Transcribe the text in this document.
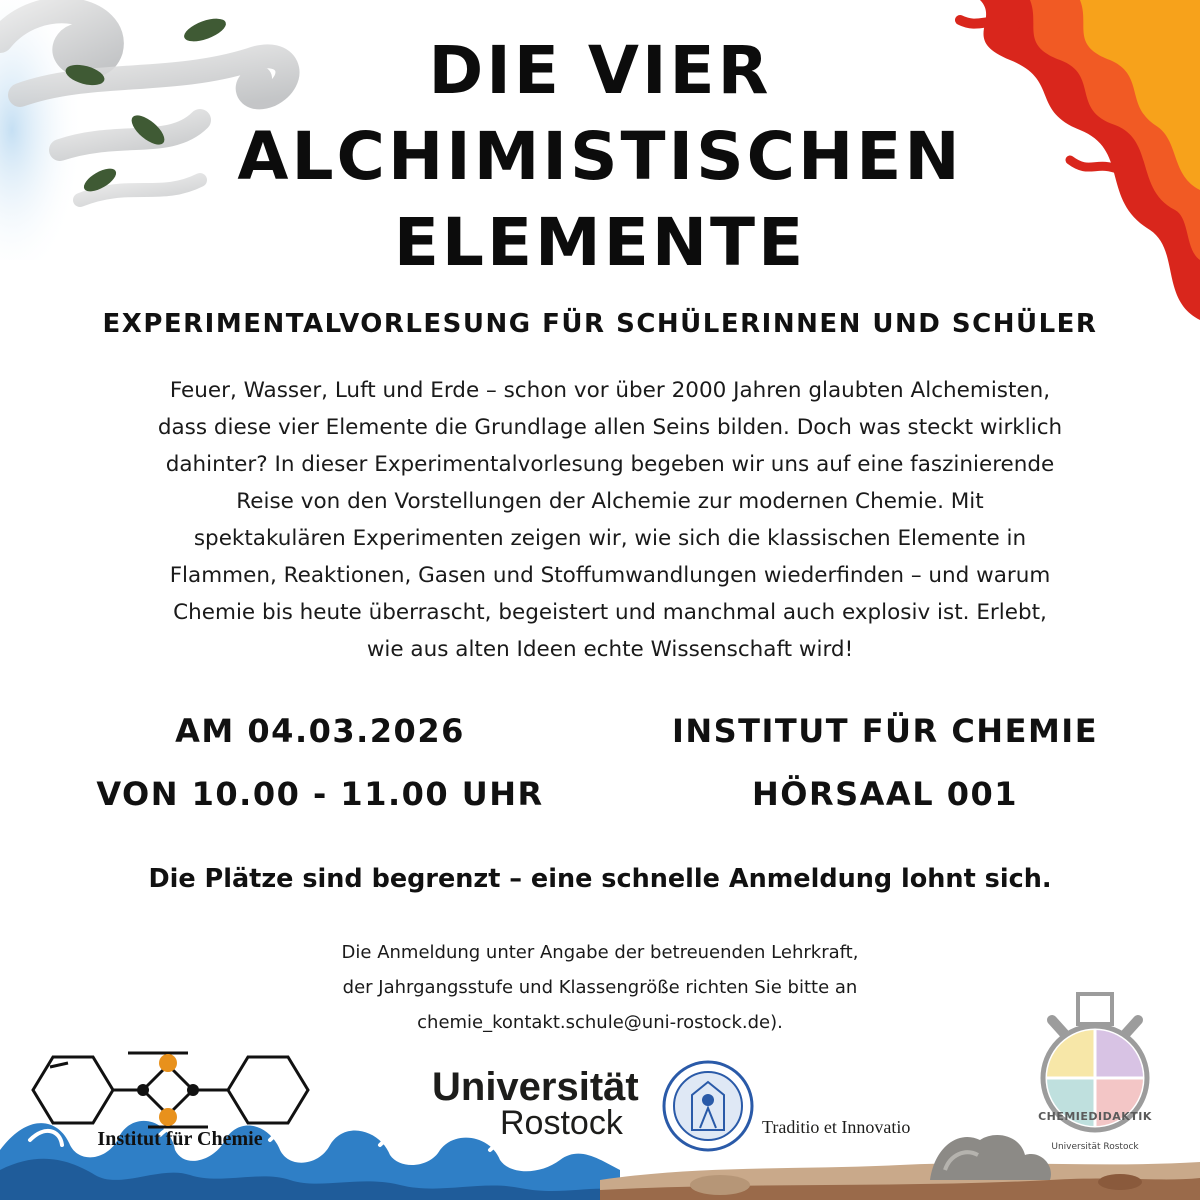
DIE VIER
ALCHIMISTISCHEN
ELEMENTE
EXPERIMENTALVORLESUNG FÜR SCHÜLERINNEN UND SCHÜLER
Feuer, Wasser, Luft und Erde – schon vor über 2000 Jahren glaubten Alchemisten,
dass diese vier Elemente die Grundlage allen Seins bilden. Doch was steckt wirklich
dahinter? In dieser Experimentalvorlesung begeben wir uns auf eine faszinierende
Reise von den Vorstellungen der Alchemie zur modernen Chemie. Mit
spektakulären Experimenten zeigen wir, wie sich die klassischen Elemente in
Flammen, Reaktionen, Gasen und Stoffumwandlungen wiederfinden – und warum
Chemie bis heute überrascht, begeistert und manchmal auch explosiv ist. Erlebt,
wie aus alten Ideen echte Wissenschaft wird!
AM 04.03.2026
VON 10.00 - 11.00 UHR
INSTITUT FÜR CHEMIE
HÖRSAAL 001
Die Plätze sind begrenzt – eine schnelle Anmeldung lohnt sich.
Die Anmeldung unter Angabe der betreuenden Lehrkraft,
der Jahrgangsstufe und Klassengröße richten Sie bitte an
chemie_kontakt.schule@uni-rostock.de).
Institut für Chemie
Universität
Rostock	Traditio et Innovatio
CHEMIEDIDAKTIK
Universität Rostock
